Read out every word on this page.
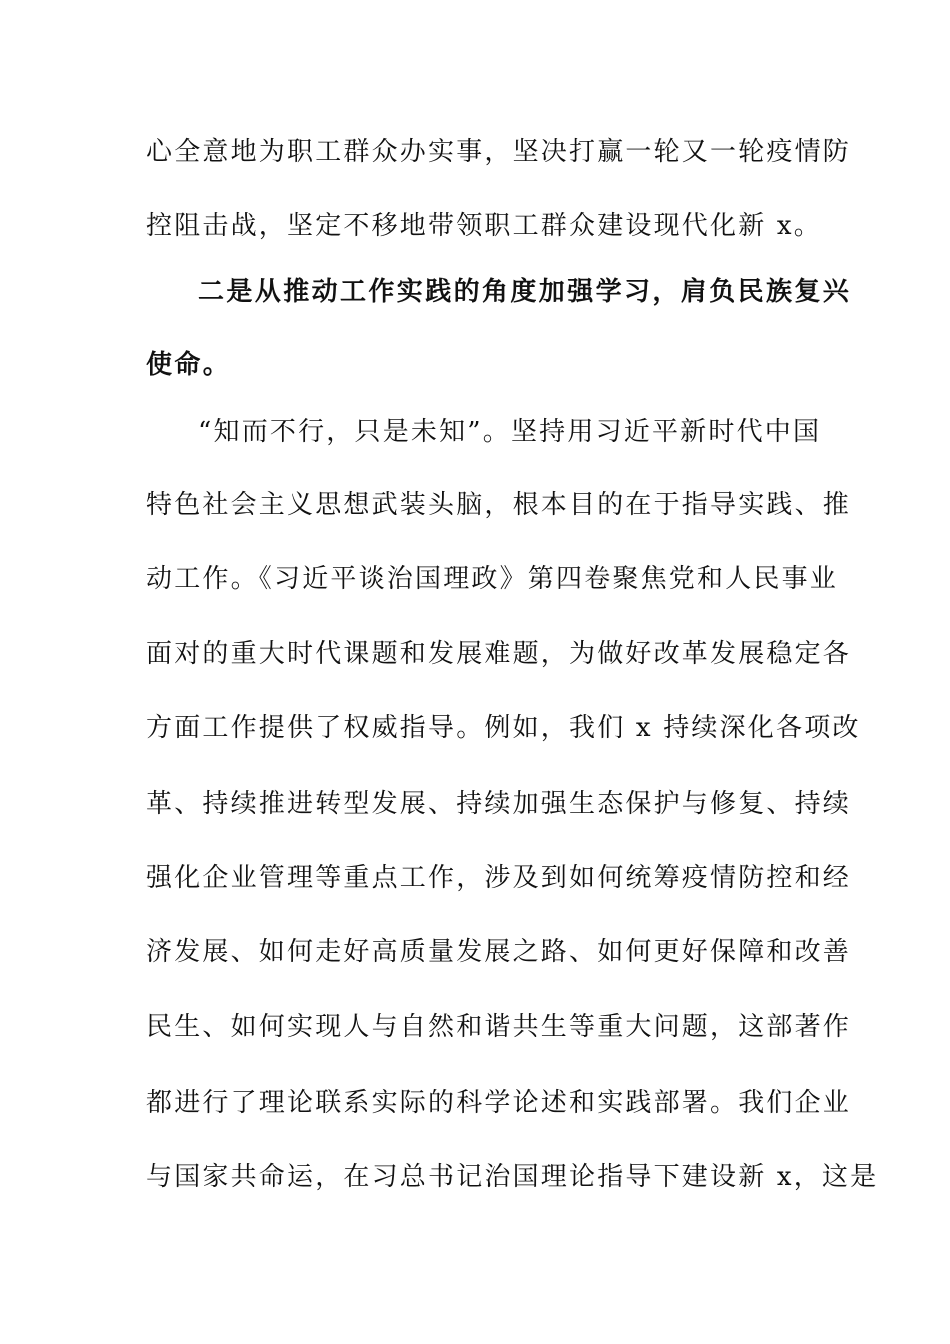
心全意地为职工群众办实事，坚决打赢一轮又一轮疫情防
控阻击战，坚定不移地带领职工群众建设现代化新 x。
二是从推动工作实践的角度加强学习，肩负民族复兴
使命。
“知而不行，只是未知”。坚持用习近平新时代中国
特色社会主义思想武装头脑，根本目的在于指导实践、推
动工作。《习近平谈治国理政》第四卷聚焦党和人民事业
面对的重大时代课题和发展难题，为做好改革发展稳定各
方面工作提供了权威指导。例如，我们 x 持续深化各项改
革、持续推进转型发展、持续加强生态保护与修复、持续
强化企业管理等重点工作，涉及到如何统筹疫情防控和经
济发展、如何走好高质量发展之路、如何更好保障和改善
民生、如何实现人与自然和谐共生等重大问题，这部著作
都进行了理论联系实际的科学论述和实践部署。我们企业
与国家共命运，在习总书记治国理论指导下建设新 x，这是
